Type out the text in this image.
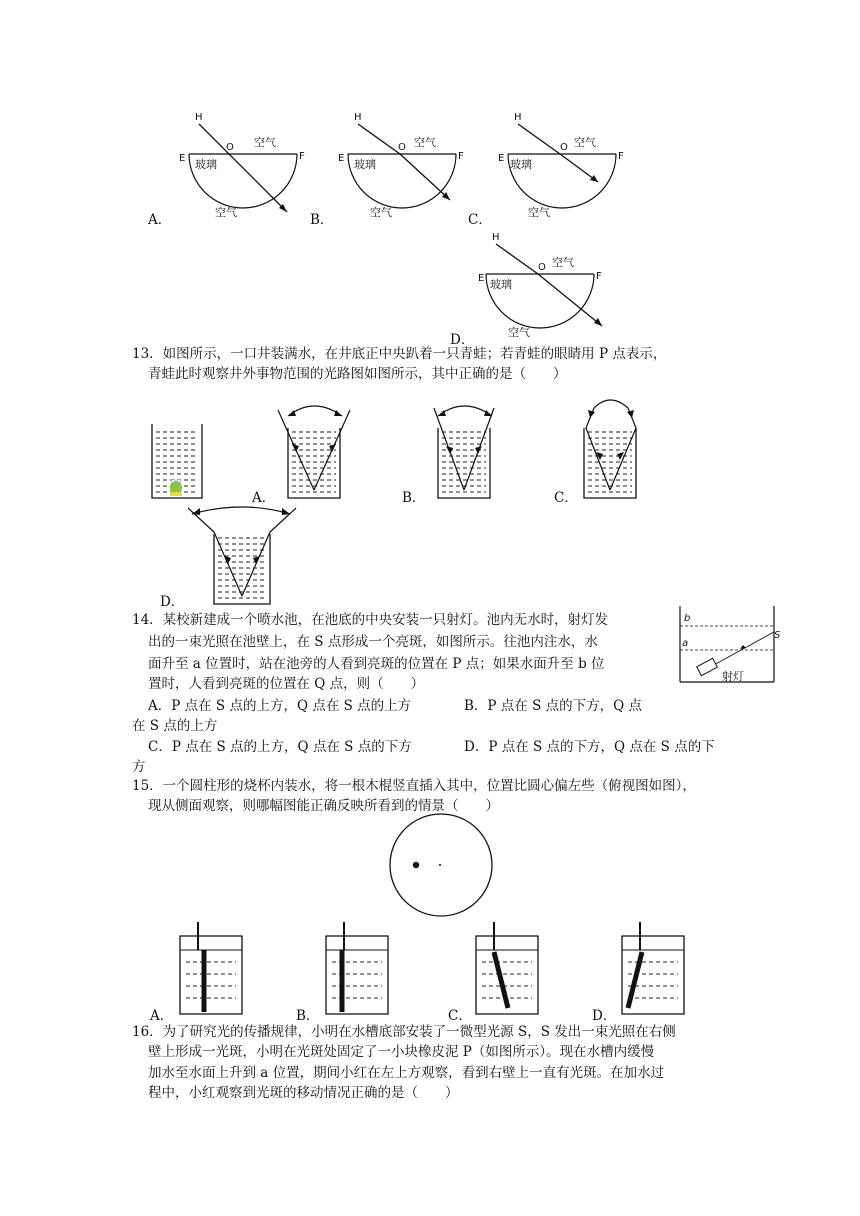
H
O 空气
E	F
玻璃
空气
A．
H
O 空气
E	F
玻璃
空气
B．
H
O 空气
E	F
玻璃
空气
C．
H
O 空气
E	F
玻璃
空气
D．
13．如图所示，一口井装满水，在井底正中央趴着一只青蛙；若青蛙的眼睛用 P 点表示，
青蛙此时观察井外事物范围的光路图如图所示，其中正确的是（　　）
A．	B．	C．
D．
14．某校新建成一个喷水池，在池底的中央安装一只射灯。池内无水时，射灯发
出的一束光照在池壁上，在 S 点形成一个亮斑，如图所示。往池内注水，水
面升至 a 位置时，站在池旁的人看到亮斑的位置在 P 点；如果水面升至 b 位
置时，人看到亮斑的位置在 Q 点，则（　　）
A．P 点在 S 点的上方，Q 点在 S 点的上方	B．P 点在 S 点的下方，Q 点
在 S 点的上方
C．P 点在 S 点的上方，Q 点在 S 点的下方	D．P 点在 S 点的下方，Q 点在 S 点的下
方
b
a
S
射灯
15．一个圆柱形的烧杯内装水，将一根木棍竖直插入其中，位置比圆心偏左些（俯视图如图），
现从侧面观察，则哪幅图能正确反映所看到的情景（　　）
A．	B．	C．	D．
16．为了研究光的传播规律，小明在水槽底部安装了一微型光源 S，S 发出一束光照在右侧
壁上形成一光斑，小明在光斑处固定了一小块橡皮泥 P（如图所示）。现在水槽内缓慢
加水至水面上升到 a 位置，期间小红在左上方观察，看到右壁上一直有光斑。在加水过
程中，小红观察到光斑的移动情况正确的是（　　）
